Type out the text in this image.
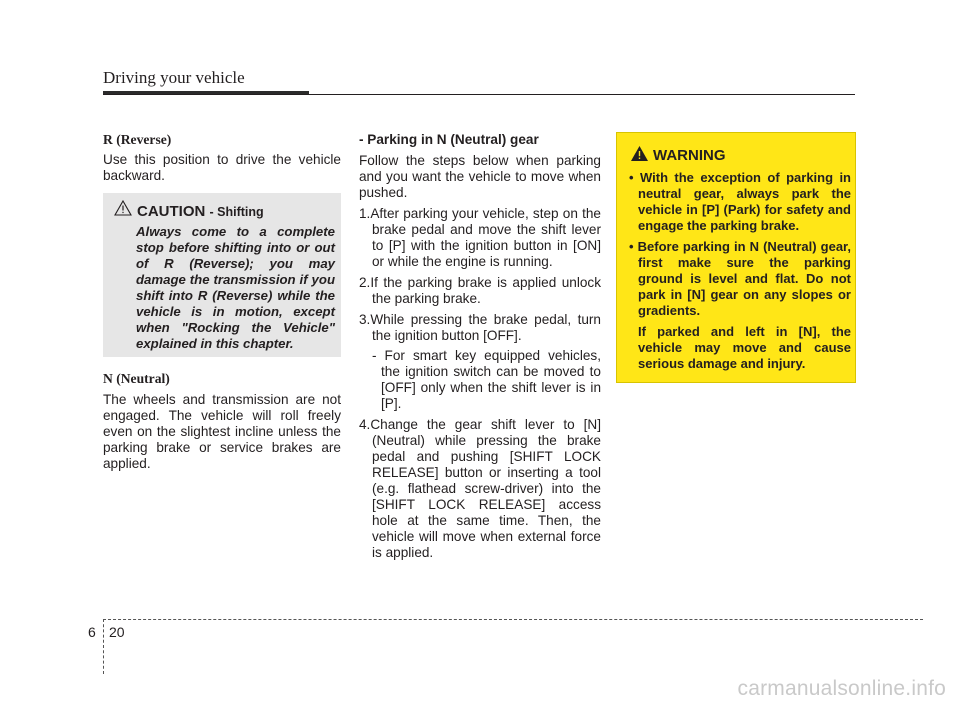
Driving your vehicle

R (Reverse)

Use this position to drive the vehicle backward.

CAUTION - Shifting
Always come to a complete stop before shifting into or out of R (Reverse); you may damage the transmission if you shift into R (Reverse) while the vehicle is in motion, except when "Rocking the Vehicle" explained in this chapter.

N (Neutral)

The wheels and transmission are not engaged. The vehicle will roll freely even on the slightest incline unless the parking brake or service brakes are applied.

- Parking in N (Neutral) gear

Follow the steps below when parking and you want the vehicle to move when pushed.

1.After parking your vehicle, step on the brake pedal and move the shift lever to [P] with the ignition button in [ON] or while the engine is running.

2.If the parking brake is applied unlock the parking brake.

3.While pressing the brake pedal, turn the ignition button [OFF].

- For smart key equipped vehicles, the ignition switch can be moved to [OFF] only when the shift lever is in [P].

4.Change the gear shift lever to [N] (Neutral) while pressing the brake pedal and pushing [SHIFT LOCK RELEASE] button or inserting a tool (e.g. flathead screw-driver) into the [SHIFT LOCK RELEASE] access hole at the same time. Then, the vehicle will move when external force is applied.

WARNING

• With the exception of parking in neutral gear, always park the vehicle in [P] (Park) for safety and engage the parking brake.

• Before parking in N (Neutral) gear, first make sure the parking ground is level and flat. Do not park in [N] gear on any slopes or gradients.

If parked and left in [N], the vehicle may move and cause serious damage and injury.

6 20
carmanualsonline.info
